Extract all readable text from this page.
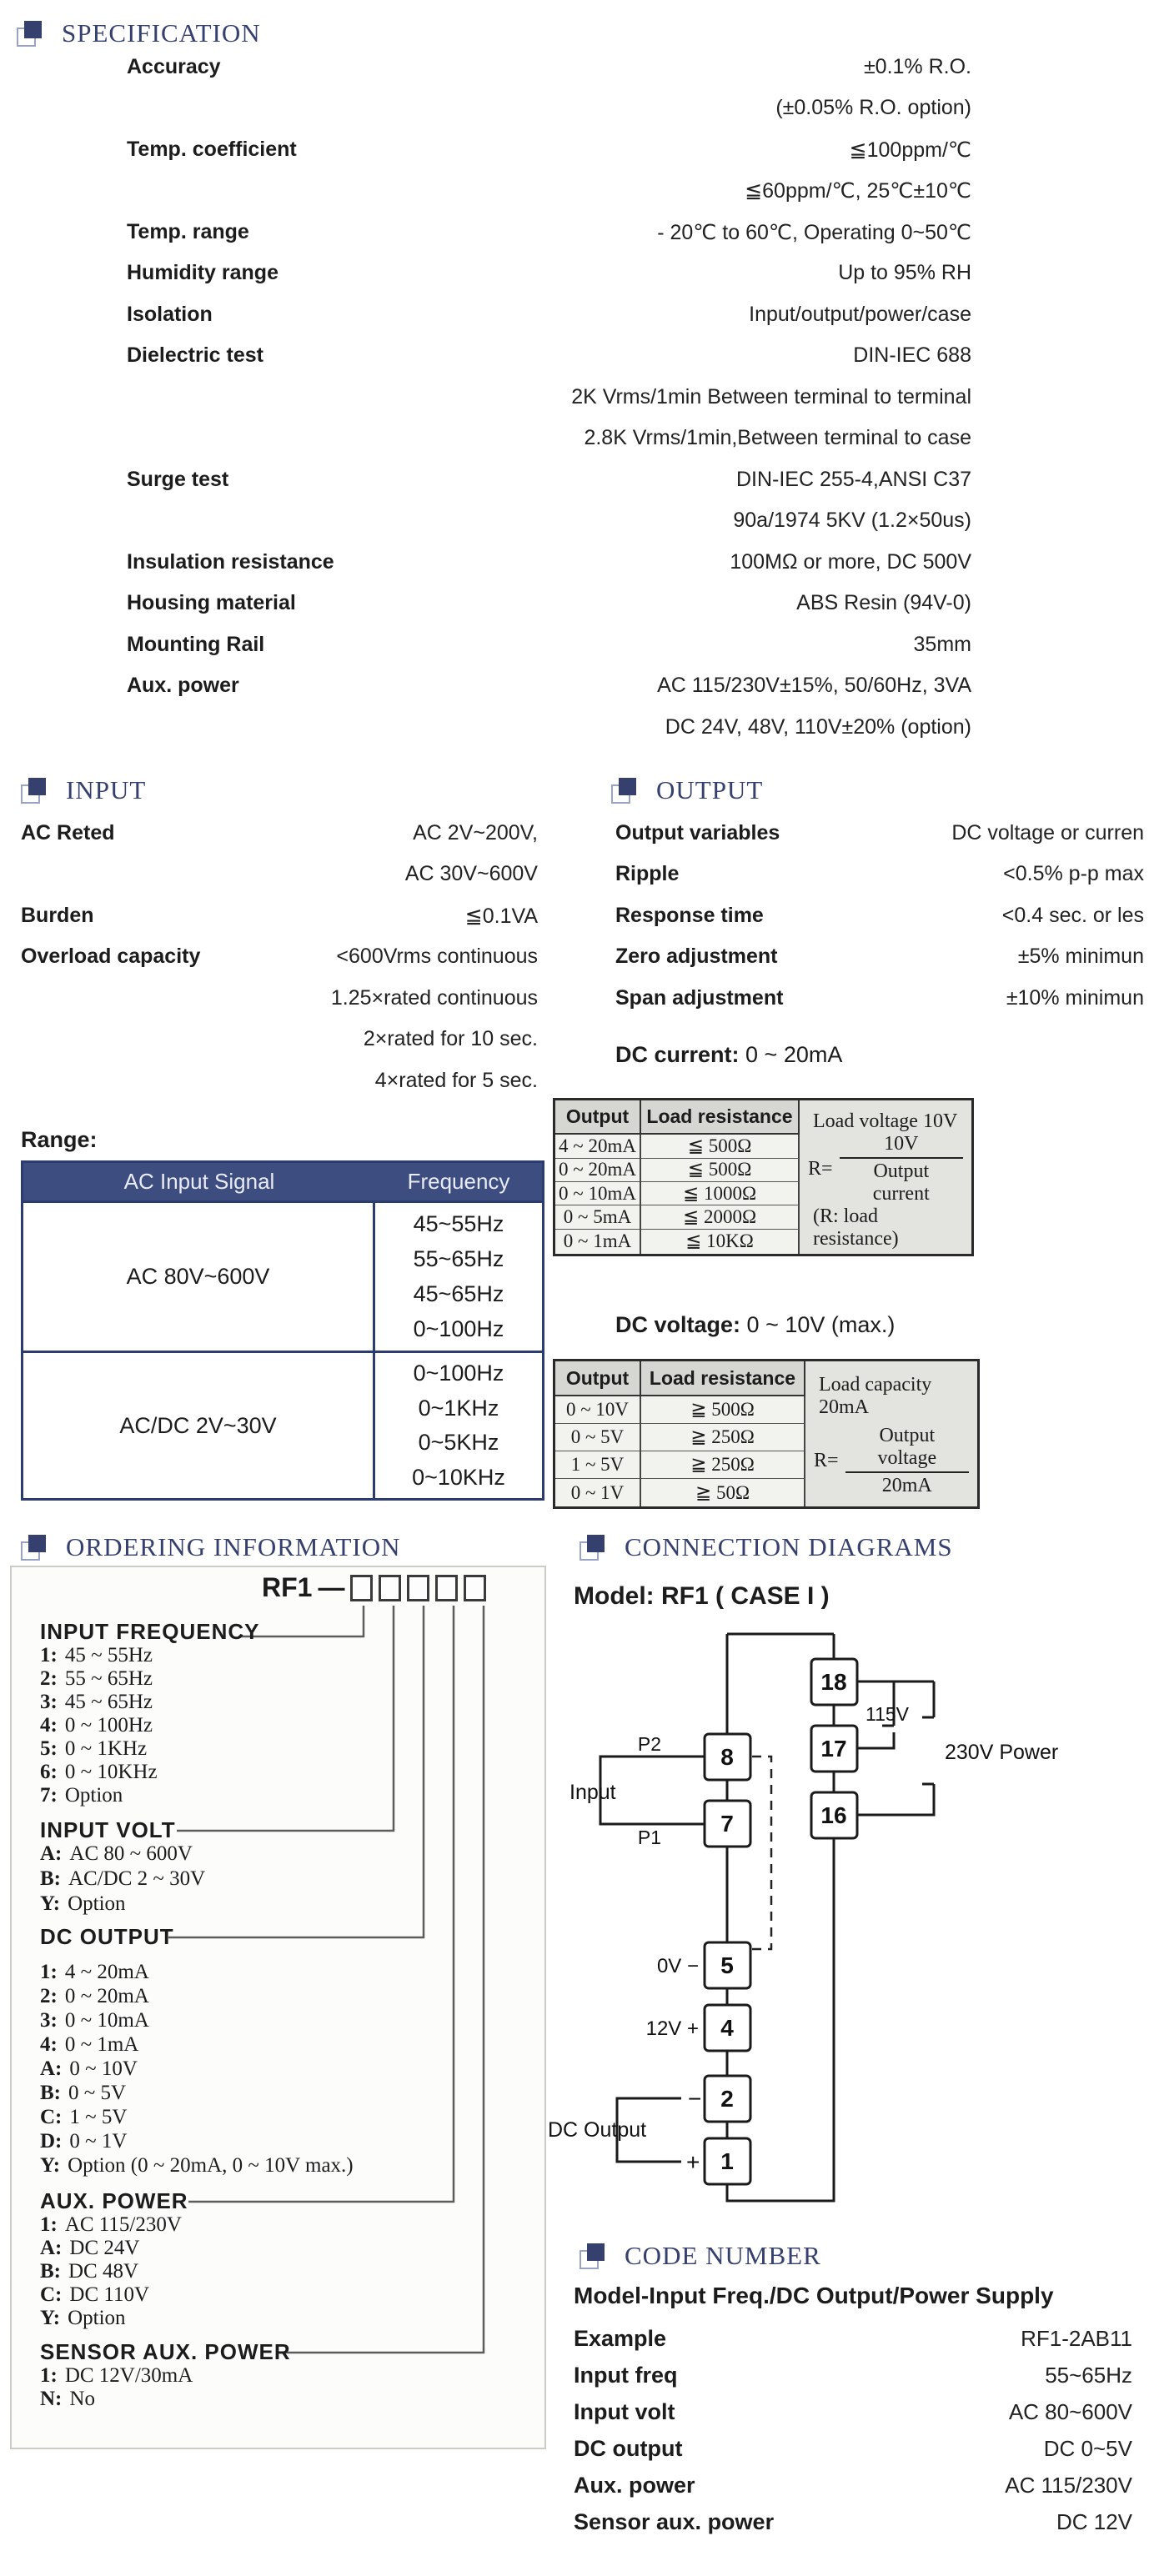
SPECIFICATION
Accuracy	±0.1% R.O.
(±0.05% R.O. option)
Temp. coefficient	≦100ppm/℃
≦60ppm/℃, 25℃±10℃
Temp. range	- 20℃ to 60℃, Operating 0~50℃
Humidity range	Up to 95% RH
Isolation	Input/output/power/case
Dielectric test	DIN-IEC 688
2K Vrms/1min Between terminal to terminal
2.8K Vrms/1min,Between terminal to case
Surge test	DIN-IEC 255-4,ANSI C37
90a/1974 5KV (1.2×50us)
Insulation resistance	100MΩ or more, DC 500V
Housing material	ABS Resin (94V-0)
Mounting Rail	35mm
Aux. power	AC 115/230V±15%, 50/60Hz, 3VA
DC 24V, 48V, 110V±20% (option)
INPUT
AC Reted	AC 2V~200V,
AC 30V~600V
Burden	≦0.1VA
Overload capacity	<600Vrms continuous
1.25×rated continuous
2×rated for 10 sec.
4×rated for 5 sec.
OUTPUT
Output variables	DC voltage or curren
Ripple	<0.5% p-p max
Response time	<0.4 sec. or les
Zero adjustment	±5% minimun
Span adjustment	±10% minimun
DC current: 0 ~ 20mA
Output Load resistance
4 ~ 20mA	≦ 500Ω
0 ~ 20mA	≦ 500Ω
0 ~ 10mA	≦ 1000Ω
0 ~ 5mA	≦ 2000Ω
0 ~ 1mA	≦ 10KΩ
Load voltage 10V
$R= \frac{10V}{\text{Output current}}$
(R: load resistance)
DC voltage: 0 ~ 10V (max.)
Output	Load resistance
0 ~ 10V	≧ 500Ω
0 ~ 5V	≧ 250Ω
1 ~ 5V	≧ 250Ω
0 ~ 1V	≧ 50Ω
Load capacity 20mA
$R= \frac{\text{Output voltage}}{20mA}$
Range:
AC Input Signal	Frequency
AC 80V~600V
45~55Hz
55~65Hz
45~65Hz
0~100Hz
AC/DC 2V~30V
0~100Hz
0~1KHz
0~5KHz
0~10KHz
ORDERING INFORMATION
RF1 —
INPUT FREQUENCY
1: 45 ~ 55Hz
2: 55 ~ 65Hz
3: 45 ~ 65Hz
4: 0 ~ 100Hz
5: 0 ~ 1KHz
6: 0 ~ 10KHz
7: Option
INPUT VOLT
A: AC 80 ~ 600V
B: AC/DC 2 ~ 30V
Y: Option
DC OUTPUT
1: 4 ~ 20mA
2: 0 ~ 20mA
3: 0 ~ 10mA
4: 0 ~ 1mA
A: 0 ~ 10V
B: 0 ~ 5V
C: 1 ~ 5V
D: 0 ~ 1V
Y: Option (0 ~ 20mA, 0 ~ 10V max.)
AUX. POWER
1: AC 115/230V
A: DC 24V
B: DC 48V
C: DC 110V
Y: Option
SENSOR AUX. POWER
1: DC 12V/30mA
N: No
CONNECTION DIAGRAMS
Model: RF1 ( CASE I )
18
17
16
8
7
5
4
2
1
P2
P1
Input
115V
230V Power
0V −
12V +
DC Output
−
+
CODE NUMBER
Model-Input Freq./DC Output/Power Supply
Example	RF1-2AB11
Input freq	55~65Hz
Input volt	AC 80~600V
DC output	DC 0~5V
Aux. power	AC 115/230V
Sensor aux. power	DC 12V
